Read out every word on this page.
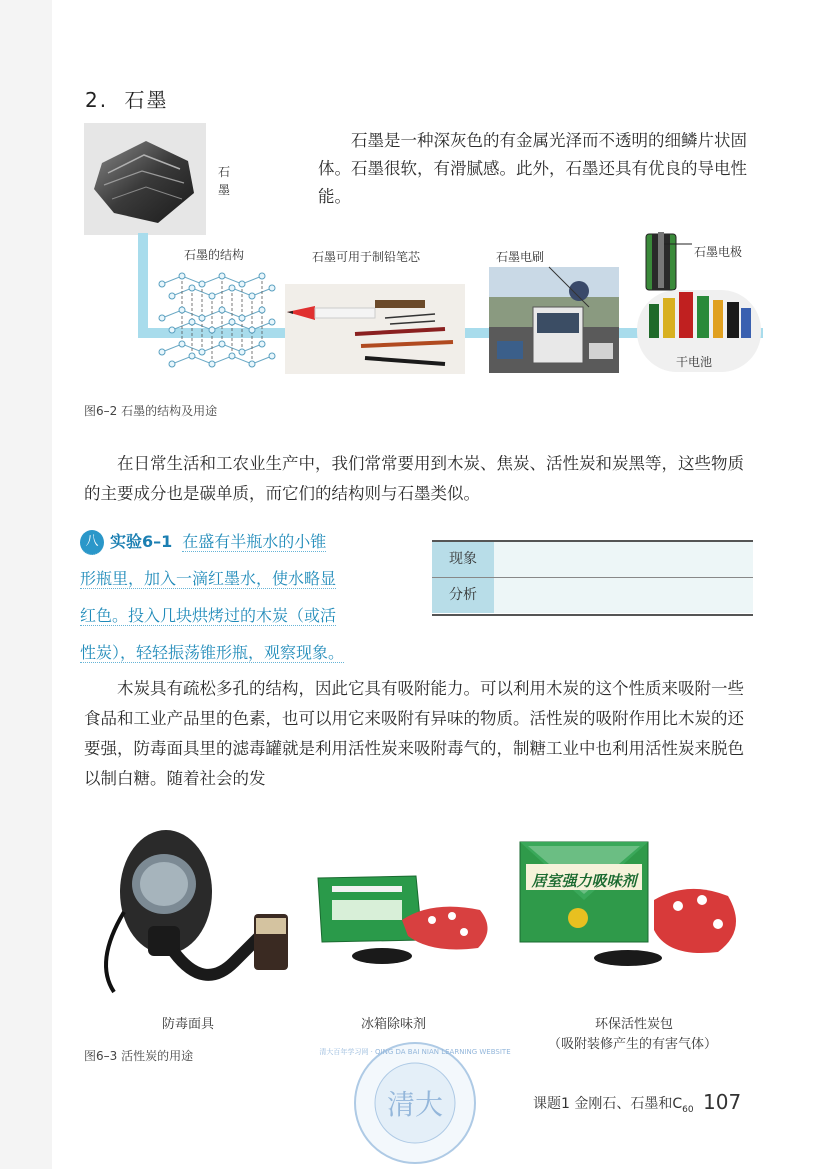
2. 石墨
石墨
石墨是一种深灰色的有金属光泽而不透明的细鳞片状固体。石墨很软，有滑腻感。此外，石墨还具有优良的导电性能。
石墨的结构	石墨可用于制铅笔芯	石墨电刷	石墨电极
干电池
图6–2 石墨的结构及用途
在日常生活和工农业生产中，我们常常要用到木炭、焦炭、活性炭和炭黑等，这些物质的主要成分也是碳单质，而它们的结构则与石墨类似。
八 实验6–1 在盛有半瓶水的小锥
形瓶里，加入一滴红墨水，使水略显
红色。投入几块烘烤过的木炭（或活
性炭），轻轻振荡锥形瓶，观察现象。
现象
分析
木炭具有疏松多孔的结构，因此它具有吸附能力。可以利用木炭的这个性质来吸附一些食品和工业产品里的色素，也可以用它来吸附有异味的物质。活性炭的吸附作用比木炭的还要强，防毒面具里的滤毒罐就是利用活性炭来吸附毒气的，制糖工业中也利用活性炭来脱色以制白糖。随着社会的发
居室强力吸味剂
防毒面具	冰箱除味剂	环保活性炭包
（吸附装修产生的有害气体）
图6–3 活性炭的用途
清大
清大百年学习网 · QING DA BAI NIAN LEARNING WEBSITE
课题1 金刚石、石墨和$C_{60}$ 107
